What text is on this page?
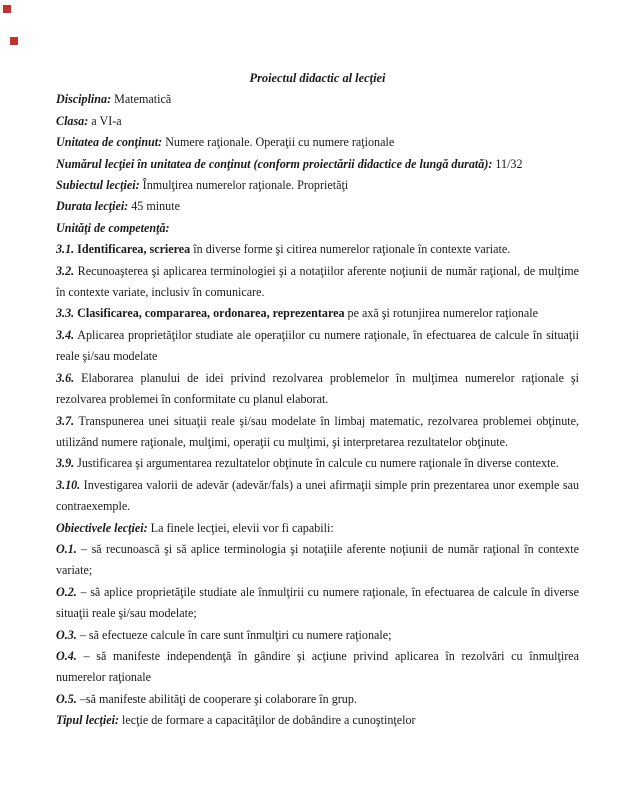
Proiectul didactic al lecţiei

Disciplina: Matematică

Clasa: a VI-a

Unitatea de conţinut: Numere raţionale. Operaţii cu numere raţionale

Numărul lecţiei în unitatea de conţinut (conform proiectării didactice de lungă durată): 11/32

Subiectul lecţiei: Înmulţirea numerelor raţionale. Proprietăţi

Durata lecţiei: 45 minute

Unităţi de competenţă:

3.1. Identificarea, scrierea în diverse forme şi citirea numerelor raţionale în contexte variate.

3.2. Recunoaşterea şi aplicarea terminologiei şi a notaţiilor aferente noţiunii de număr raţional, de mulţime în contexte variate, inclusiv în comunicare.

3.3. Clasificarea, compararea, ordonarea, reprezentarea pe axă şi rotunjirea numerelor raţionale

3.4. Aplicarea proprietăţilor studiate ale operaţiilor cu numere raţionale, în efectuarea de calcule în situaţii reale şi/sau modelate

3.6. Elaborarea planului de idei privind rezolvarea problemelor în mulţimea numerelor raţionale şi rezolvarea problemei în conformitate cu planul elaborat.

3.7. Transpunerea unei situaţii reale şi/sau modelate în limbaj matematic, rezolvarea problemei obţinute, utilizând numere raţionale, mulţimi, operaţii cu mulţimi, şi interpretarea rezultatelor obţinute.

3.9. Justificarea şi argumentarea rezultatelor obţinute în calcule cu numere raţionale în diverse contexte.

3.10. Investigarea valorii de adevăr (adevăr/fals) a unei afirmaţii simple prin prezentarea unor exemple sau contraexemple.

Obiectivele lecţiei: La finele lecţiei, elevii vor fi capabili:

O.1. – să recunoască şi să aplice terminologia şi notaţiile aferente noţiunii de număr raţional în contexte variate;

O.2. – să aplice proprietăţile studiate ale înmulţirii cu numere raţionale, în efectuarea de calcule în diverse situaţii reale şi/sau modelate;

O.3. – să efectueze calcule în care sunt înmulţiri cu numere raţionale;

O.4. – să manifeste independenţă în gândire şi acţiune privind aplicarea în rezolvări cu înmulţirea numerelor raţionale

O.5. –să manifeste abilităţi de cooperare şi colaborare în grup.

Tipul lecţiei: lecţie de formare a capacităţilor de dobândire a cunoştinţelor
